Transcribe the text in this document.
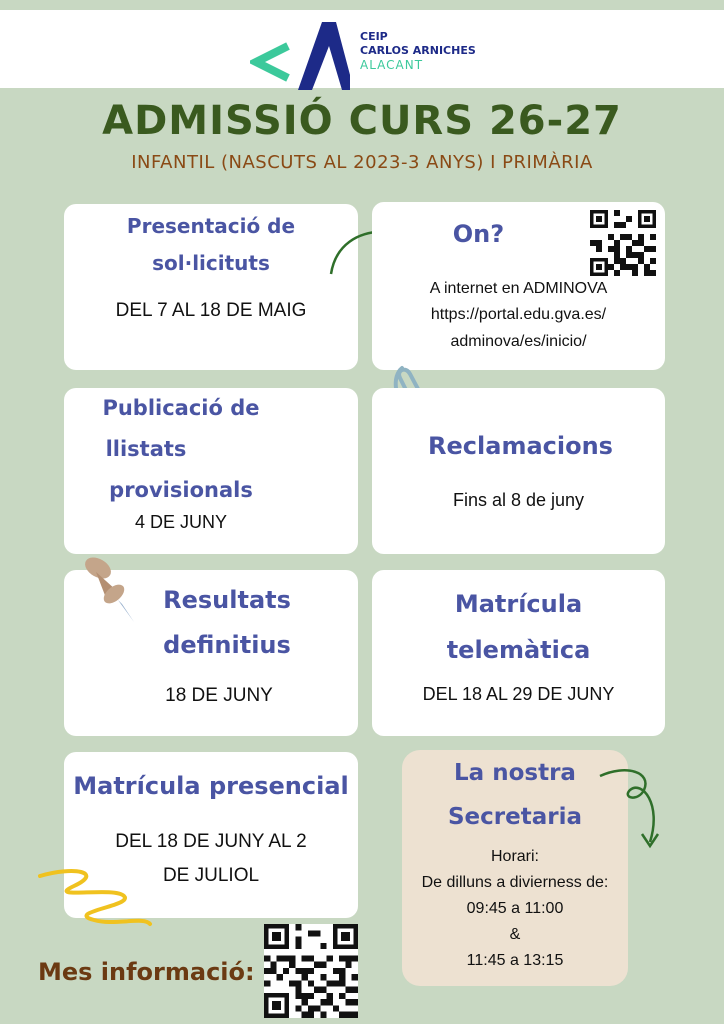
CEIP
CARLOS ARNICHES
ALACANT
ADMISSIÓ CURS 26-27
INFANTIL (NASCUTS AL 2023-3 ANYS) I PRIMÀRIA
Presentació de
sol·licituts
DEL 7 AL 18 DE MAIG
On?
A internet en ADMINOVA
https://portal.edu.gva.es/
adminova/es/inicio/
Publicació de
llistats
provisionals
4 DE JUNY
Reclamacions
Fins al 8 de juny
Resultats
definitius
18 DE JUNY
Matrícula
telemàtica
DEL 18 AL 29 DE JUNY
Matrícula presencial
DEL 18 DE JUNY AL 2
DE JULIOL
La nostra
Secretaria
Horari:
De dilluns a divierness de:
09:45 a 11:00
&
11:45 a 13:15
Mes informació:
